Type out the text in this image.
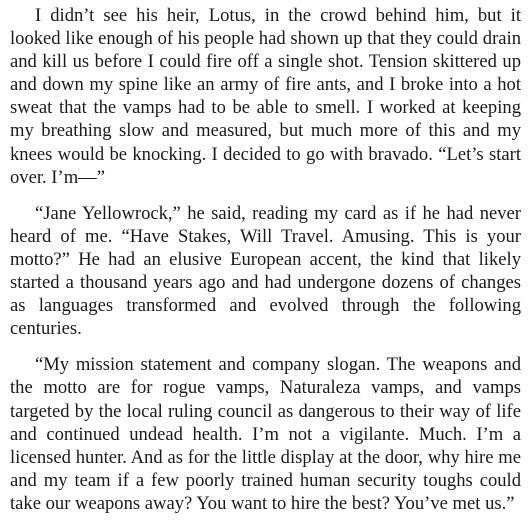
I didn’t see his heir, Lotus, in the crowd behind him, but it looked like enough of his people had shown up that they could drain and kill us before I could fire off a single shot. Tension skittered up and down my spine like an army of fire ants, and I broke into a hot sweat that the vamps had to be able to smell. I worked at keeping my breathing slow and measured, but much more of this and my knees would be knocking. I decided to go with bravado. “Let’s start over. I’m—”

“Jane Yellowrock,” he said, reading my card as if he had never heard of me. “Have Stakes, Will Travel. Amusing. This is your motto?” He had an elusive European accent, the kind that likely started a thousand years ago and had undergone dozens of changes as languages transformed and evolved through the following centuries.

“My mission statement and company slogan. The weapons and the motto are for rogue vamps, Naturaleza vamps, and vamps targeted by the local ruling council as dangerous to their way of life and continued undead health. I’m not a vigilante. Much. I’m a licensed hunter. And as for the little display at the door, why hire me and my team if a few poorly trained human security toughs could take our weapons away? You want to hire the best? You’ve met us.”
